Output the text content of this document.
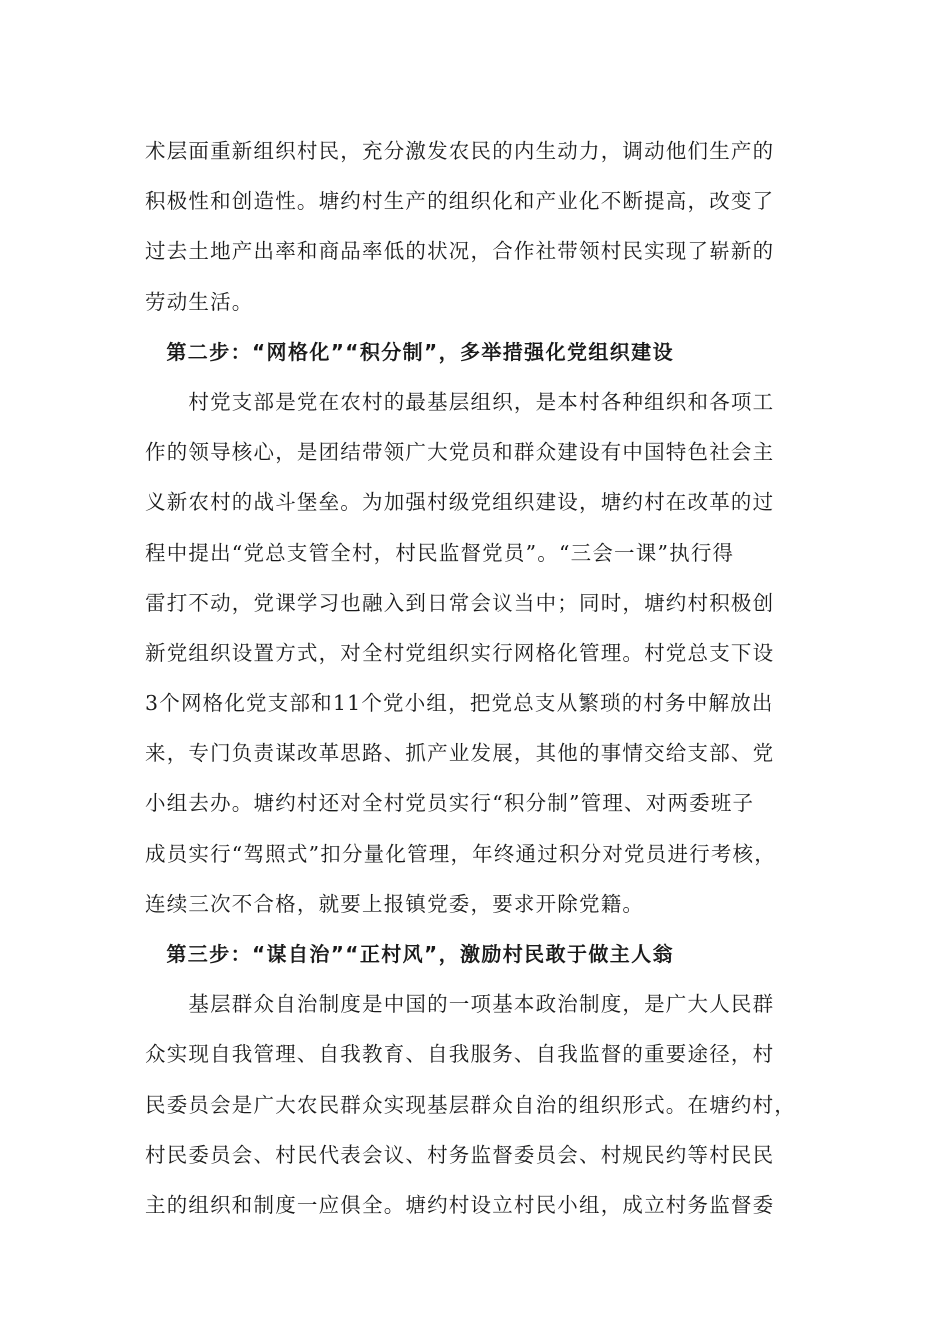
术层面重新组织村民，充分激发农民的内生动力，调动他们生产的
积极性和创造性。塘约村生产的组织化和产业化不断提高，改变了
过去土地产出率和商品率低的状况，合作社带领村民实现了崭新的
劳动生活。
　第二步：“网格化”“积分制”，多举措强化党组织建设
　　村党支部是党在农村的最基层组织，是本村各种组织和各项工
作的领导核心，是团结带领广大党员和群众建设有中国特色社会主
义新农村的战斗堡垒。为加强村级党组织建设，塘约村在改革的过
程中提出“党总支管全村，村民监督党员”。“三会一课”执行得
雷打不动，党课学习也融入到日常会议当中；同时，塘约村积极创
新党组织设置方式，对全村党组织实行网格化管理。村党总支下设
3个网格化党支部和11个党小组，把党总支从繁琐的村务中解放出
来，专门负责谋改革思路、抓产业发展，其他的事情交给支部、党
小组去办。塘约村还对全村党员实行“积分制”管理、对两委班子
成员实行“驾照式”扣分量化管理，年终通过积分对党员进行考核，
连续三次不合格，就要上报镇党委，要求开除党籍。
　第三步：“谋自治”“正村风”，激励村民敢于做主人翁
　　基层群众自治制度是中国的一项基本政治制度，是广大人民群
众实现自我管理、自我教育、自我服务、自我监督的重要途径，村
民委员会是广大农民群众实现基层群众自治的组织形式。在塘约村，
村民委员会、村民代表会议、村务监督委员会、村规民约等村民民
主的组织和制度一应俱全。塘约村设立村民小组，成立村务监督委
